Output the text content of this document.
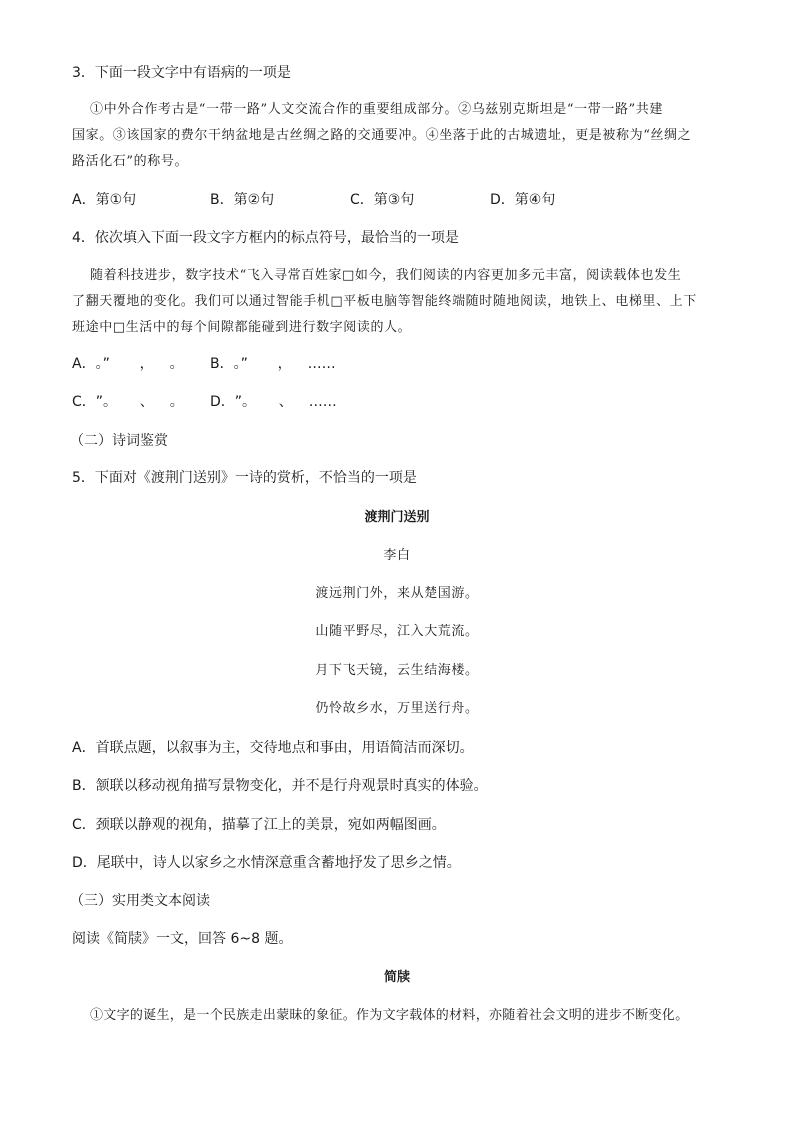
3．下面一段文字中有语病的一项是
①中外合作考古是“一带一路”人文交流合作的重要组成部分。②乌兹别克斯坦是“一带一路”共建
国家。③该国家的费尔干纳盆地是古丝绸之路的交通要冲。④坐落于此的古城遗址，更是被称为“丝绸之
路活化石”的称号。
A．第①句	B．第②句	C．第③句	D．第④句
4．依次填入下面一段文字方框内的标点符号，最恰当的一项是
随着科技进步，数字技术“飞入寻常百姓家□如今，我们阅读的内容更加多元丰富，阅读载体也发生
了翻天覆地的变化。我们可以通过智能手机□平板电脑等智能终端随时随地阅读，地铁上、电梯里、上下
班途中□生活中的每个间隙都能碰到进行数字阅读的人。
A．。” ， 。 B．。” ， ……
C．”。 、 。 D．”。 、 ……
（二）诗词鉴赏
5．下面对《渡荆门送别》一诗的赏析，不恰当的一项是
渡荆门送别
李白
渡远荆门外，来从楚国游。
山随平野尽，江入大荒流。
月下飞天镜，云生结海楼。
仍怜故乡水，万里送行舟。
A．首联点题，以叙事为主，交待地点和事由，用语简洁而深切。
B．颔联以移动视角描写景物变化，并不是行舟观景时真实的体验。
C．颈联以静观的视角，描摹了江上的美景，宛如两幅图画。
D．尾联中，诗人以家乡之水情深意重含蓄地抒发了思乡之情。
（三）实用类文本阅读
阅读《简牍》一文，回答 6~8 题。
简牍
①文字的诞生，是一个民族走出蒙昧的象征。作为文字载体的材料，亦随着社会文明的进步不断变化。
